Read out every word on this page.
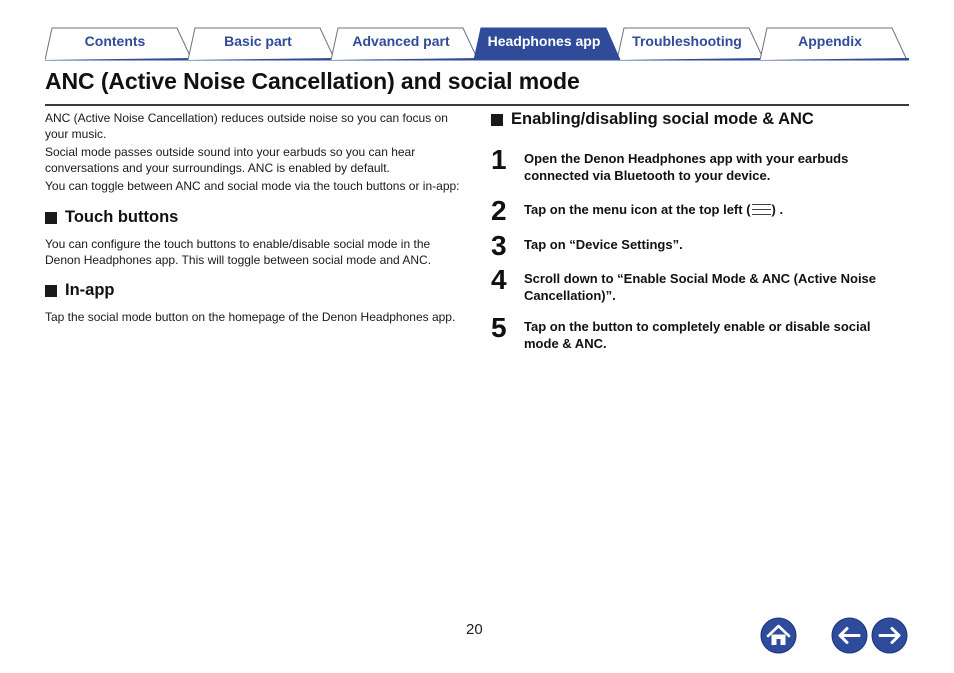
Contents	Basic part	Advanced part	Headphones app	Troubleshooting	Appendix
ANC (Active Noise Cancellation) and social mode

ANC (Active Noise Cancellation) reduces outside noise so you can focus on your music.

Social mode passes outside sound into your earbuds so you can hear conversations and your surroundings. ANC is enabled by default.

You can toggle between ANC and social mode via the touch buttons or in-app:

Touch buttons

You can configure the touch buttons to enable/disable social mode in the Denon Headphones app. This will toggle between social mode and ANC.

In-app

Tap the social mode button on the homepage of the Denon Headphones app.

Enabling/disabling social mode & ANC
1 Open the Denon Headphones app with your earbuds connected via Bluetooth to your device.
2 Tap on the menu icon at the top left ( ) .
3 Tap on “Device Settings”.
4 Scroll down to “Enable Social Mode & ANC (Active Noise Cancellation)”.
5 Tap on the button to completely enable or disable social mode & ANC.
20
